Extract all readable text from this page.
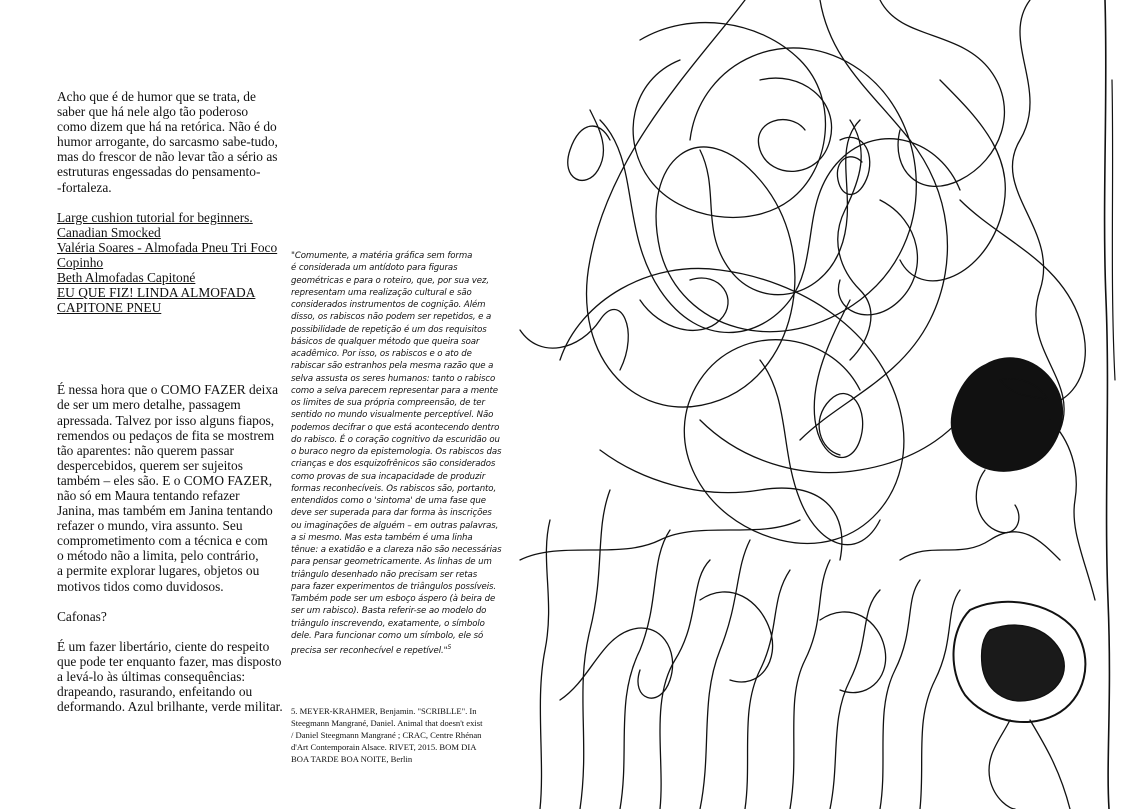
Acho que é de humor que se trata, de

saber que há nele algo tão poderoso

como dizem que há na retórica. Não é do

humor arrogante, do sarcasmo sabe-tudo,

mas do frescor de não levar tão a sério as

estruturas engessadas do pensamento-

-fortaleza.

Large cushion tutorial for beginners.
Canadian Smocked
Valéria Soares - Almofada Pneu Tri Foco
Copinho
Beth Almofadas Capitoné
EU QUE FIZ! LINDA ALMOFADA
CAPITONE PNEU

É nessa hora que o COMO FAZER deixa

de ser um mero detalhe, passagem

apressada. Talvez por isso alguns fiapos,

remendos ou pedaços de fita se mostrem

tão aparentes: não querem passar

despercebidos, querem ser sujeitos

também – eles são. E o COMO FAZER,

não só em Maura tentando refazer

Janina, mas também em Janina tentando

refazer o mundo, vira assunto. Seu

comprometimento com a técnica e com

o método não a limita, pelo contrário,

a permite explorar lugares, objetos ou

motivos tidos como duvidosos.

Cafonas?

É um fazer libertário, ciente do respeito

que pode ter enquanto fazer, mas disposto

a levá-lo às últimas consequências:

drapeando, rasurando, enfeitando ou

deformando. Azul brilhante, verde militar.

"Comumente, a matéria gráfica sem forma
é considerada um antídoto para figuras
geométricas e para o roteiro, que, por sua vez,
representam uma realização cultural e são
considerados instrumentos de cognição. Além
disso, os rabiscos não podem ser repetidos, e a
possibilidade de repetição é um dos requisitos
básicos de qualquer método que queira soar
acadêmico. Por isso, os rabiscos e o ato de
rabiscar são estranhos pela mesma razão que a
selva assusta os seres humanos: tanto o rabisco
como a selva parecem representar para a mente
os limites de sua própria compreensão, de ter
sentido no mundo visualmente perceptível. Não
podemos decifrar o que está acontecendo dentro
do rabisco. É o coração cognitivo da escuridão ou
o buraco negro da epistemologia. Os rabiscos das
crianças e dos esquizofrênicos são considerados
como provas de sua incapacidade de produzir
formas reconhecíveis. Os rabiscos são, portanto,
entendidos como o 'sintoma' de uma fase que
deve ser superada para dar forma às inscrições
ou imaginações de alguém – em outras palavras,
a si mesmo. Mas esta também é uma linha
tênue: a exatidão e a clareza não são necessárias
para pensar geometricamente. As linhas de um
triângulo desenhado não precisam ser retas
para fazer experimentos de triângulos possíveis.
Também pode ser um esboço áspero (à beira de
ser um rabisco). Basta referir-se ao modelo do
triângulo inscrevendo, exatamente, o símbolo
dele. Para funcionar como um símbolo, ele só
precisa ser reconhecível e repetível."$^5$
5. MEYER-KRAHMER, Benjamin. "SCRIBLLE". In
Steegmann Mangrané, Daniel. Animal that doesn't exist
/ Daniel Steegmann Mangrané ; CRAC, Centre Rhénan
d'Art Contemporain Alsace. RIVET, 2015. BOM DIA
BOA TARDE BOA NOITE, Berlin
